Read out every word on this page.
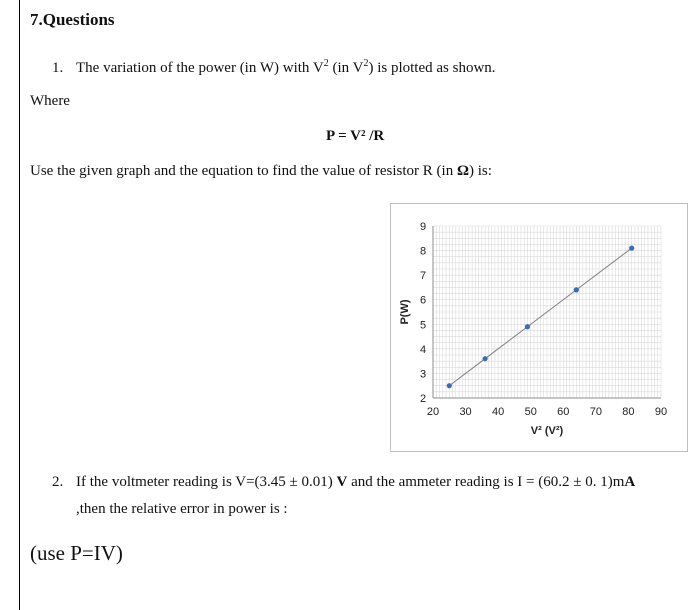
7.Questions
1. The variation of the power (in W) with $V^2$ (in $V^2$) is plotted as shown.
Where
P = V² /R
Use the given graph and the equation to find the value of resistor R (in Ω) is:
20 30 40 50 60 70 80 90
2
3
4
5
6
7
8
9
V² (V²)
P(W)
2. If the voltmeter reading is V=(3.45 ± 0.01) V and the ammeter reading is I = (60.2 ± 0. 1)mA
,then the relative error in power is :
(use P=IV)
